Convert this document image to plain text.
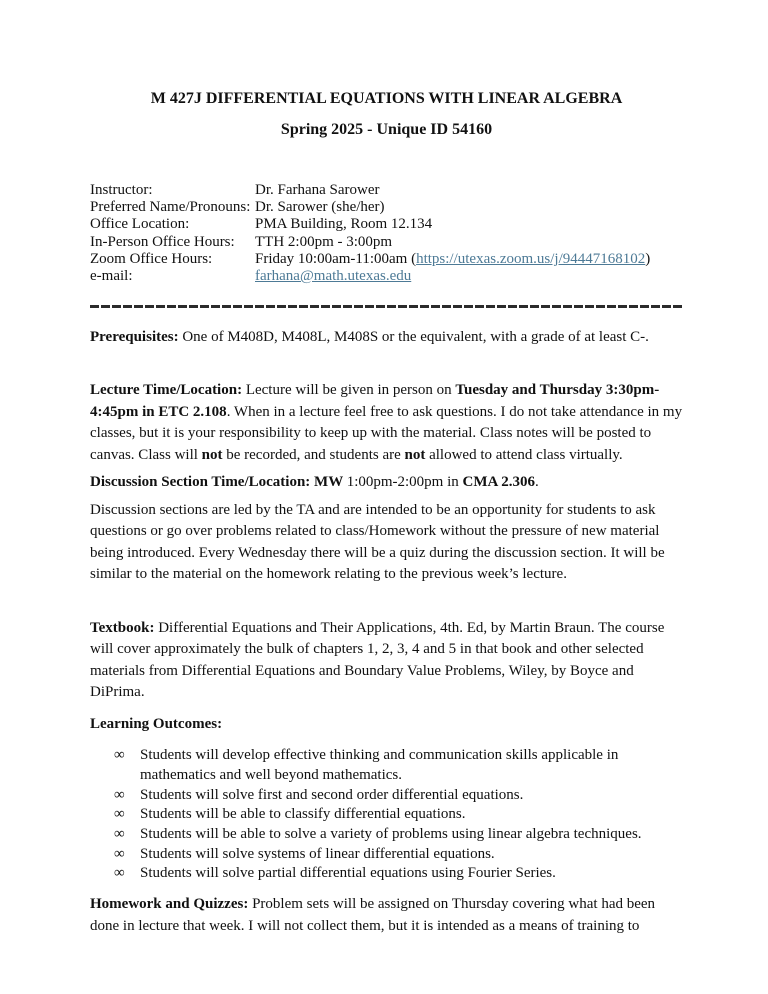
M 427J DIFFERENTIAL EQUATIONS WITH LINEAR ALGEBRA

Spring 2025 - Unique ID 54160

Instructor:	Dr. Farhana Sarower
Preferred Name/Pronouns: Dr. Sarower (she/her)
Office Location:	PMA Building, Room 12.134
In-Person Office Hours:	TTH 2:00pm - 3:00pm
Zoom Office Hours:	Friday 10:00am-11:00am (https://utexas.zoom.us/j/94447168102)
e-mail:	farhana@math.utexas.edu

Prerequisites: One of M408D, M408L, M408S or the equivalent, with a grade of at least C-.

Lecture Time/Location: Lecture will be given in person on Tuesday and Thursday 3:30pm-4:45pm in ETC 2.108. When in a lecture feel free to ask questions. I do not take attendance in my classes, but it is your responsibility to keep up with the material. Class notes will be posted to canvas. Class will not be recorded, and students are not allowed to attend class virtually.

Discussion Section Time/Location: MW 1:00pm-2:00pm in CMA 2.306.

Discussion sections are led by the TA and are intended to be an opportunity for students to ask questions or go over problems related to class/Homework without the pressure of new material being introduced. Every Wednesday there will be a quiz during the discussion section. It will be similar to the material on the homework relating to the previous week’s lecture.

Textbook: Differential Equations and Their Applications, 4th. Ed, by Martin Braun. The course will cover approximately the bulk of chapters 1, 2, 3, 4 and 5 in that book and other selected materials from Differential Equations and Boundary Value Problems, Wiley, by Boyce and DiPrima.

Learning Outcomes:

∞ Students will develop effective thinking and communication skills applicable in mathematics and well beyond mathematics.
∞ Students will solve first and second order differential equations.
∞ Students will be able to classify differential equations.
∞ Students will be able to solve a variety of problems using linear algebra techniques.
∞ Students will solve systems of linear differential equations.
∞ Students will solve partial differential equations using Fourier Series.

Homework and Quizzes: Problem sets will be assigned on Thursday covering what had been done in lecture that week. I will not collect them, but it is intended as a means of training to
